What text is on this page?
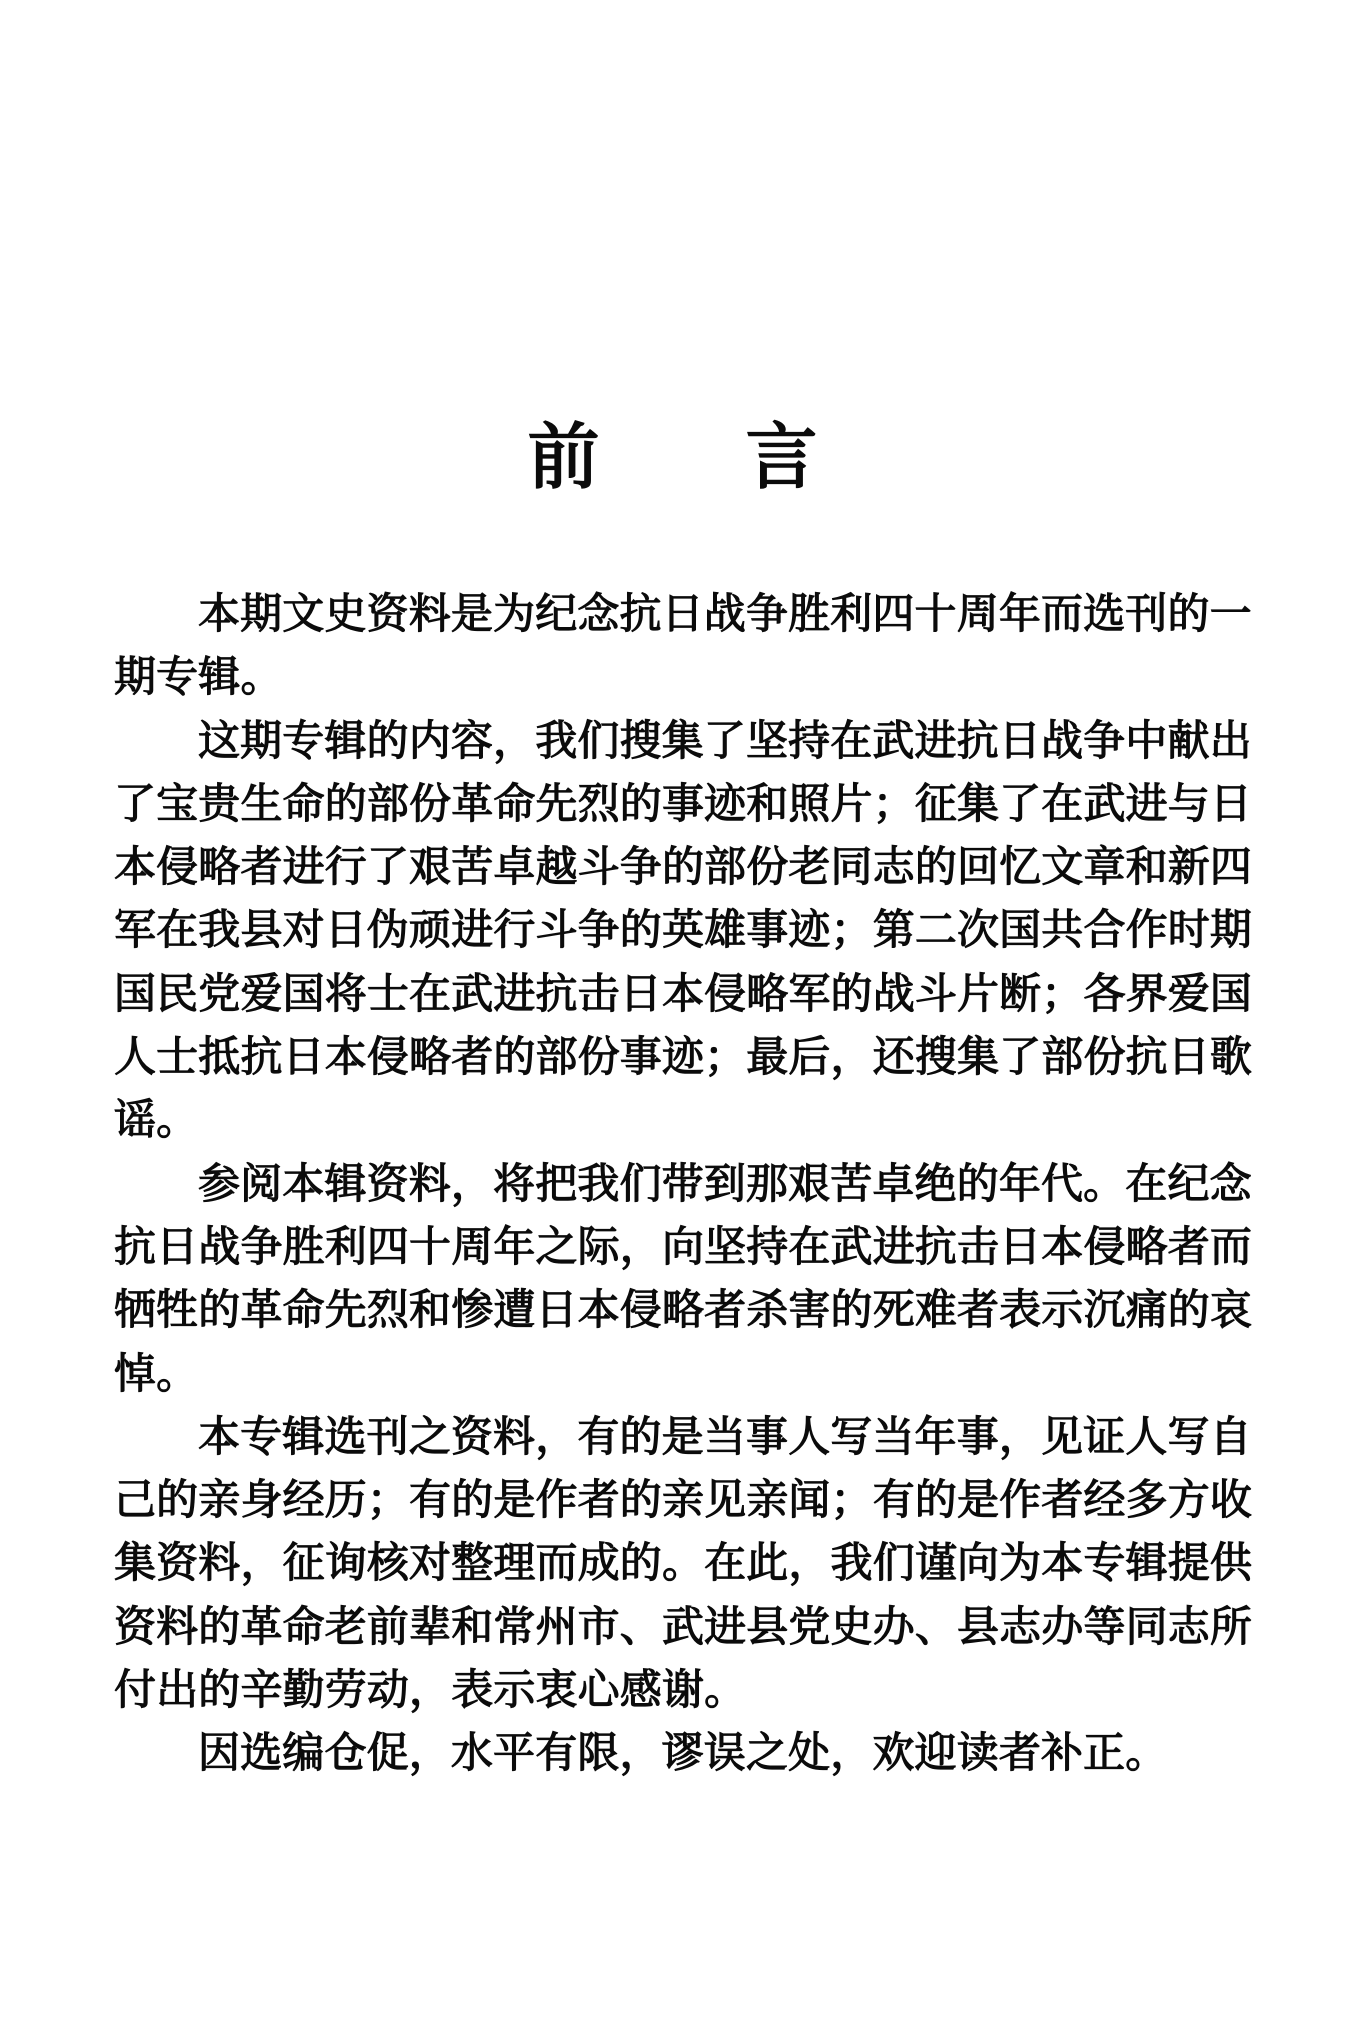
前 言
本期文史资料是为纪念抗日战争胜利四十周年而选刊的一
期专辑。
这期专辑的内容，我们搜集了坚持在武进抗日战争中献出
了宝贵生命的部份革命先烈的事迹和照片；征集了在武进与日
本侵略者进行了艰苦卓越斗争的部份老同志的回忆文章和新四
军在我县对日伪顽进行斗争的英雄事迹；第二次国共合作时期
国民党爱国将士在武进抗击日本侵略军的战斗片断；各界爱国
人士抵抗日本侵略者的部份事迹；最后，还搜集了部份抗日歌
谣。
参阅本辑资料，将把我们带到那艰苦卓绝的年代。在纪念
抗日战争胜利四十周年之际，向坚持在武进抗击日本侵略者而
牺牲的革命先烈和惨遭日本侵略者杀害的死难者表示沉痛的哀
悼。
本专辑选刊之资料，有的是当事人写当年事，见证人写自
己的亲身经历；有的是作者的亲见亲闻；有的是作者经多方收
集资料，征询核对整理而成的。在此，我们谨向为本专辑提供
资料的革命老前辈和常州市、武进县党史办、县志办等同志所
付出的辛勤劳动，表示衷心感谢。
因选编仓促，水平有限，谬误之处，欢迎读者补正。
